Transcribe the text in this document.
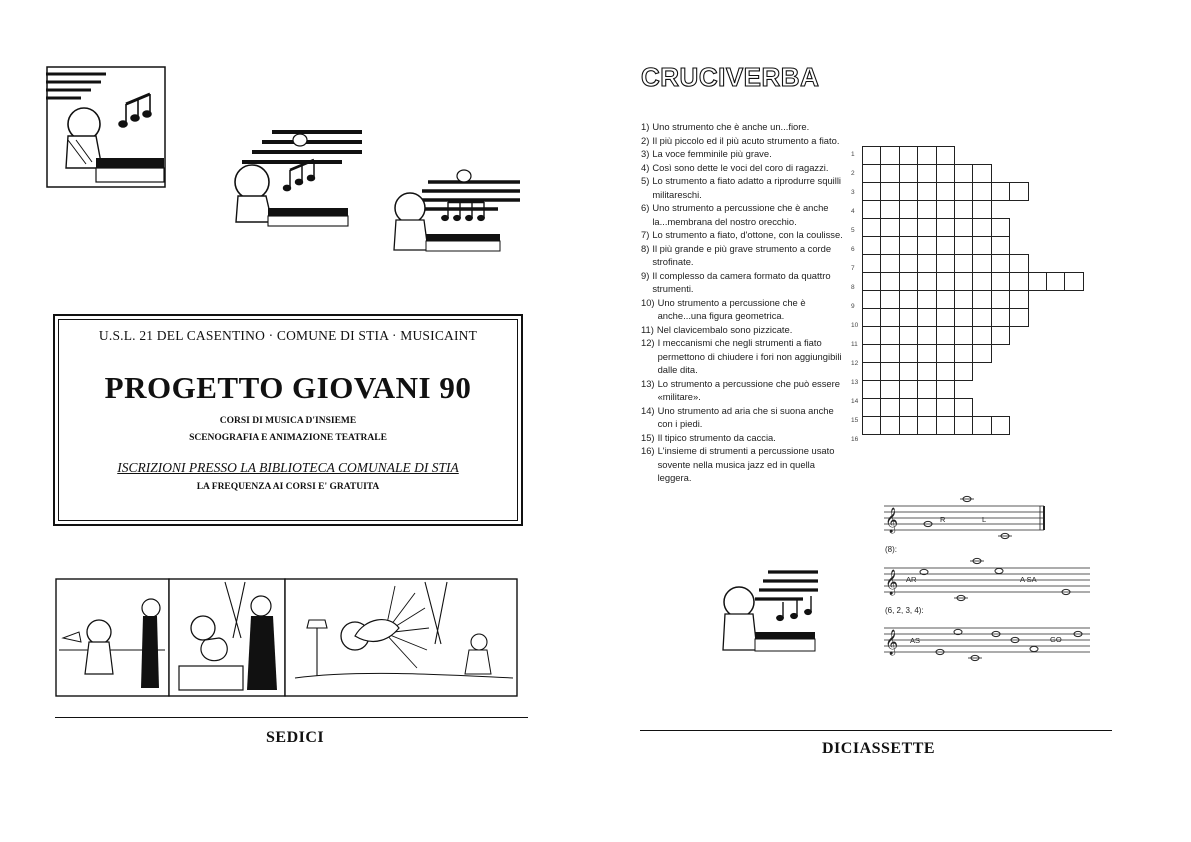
U.S.L. 21 DEL CASENTINO · COMUNE DI STIA · MUSICAINT
PROGETTO GIOVANI 90
CORSI DI MUSICA D'INSIEME
SCENOGRAFIA E ANIMAZIONE TEATRALE
ISCRIZIONI PRESSO LA BIBLIOTECA COMUNALE DI STIA
LA FREQUENZA AI CORSI E' GRATUITA
SEDICI
CRUCIVERBA
1) Uno strumento che è anche un...fiore.
2) Il più piccolo ed il più acuto strumento a fiato.
3) La voce femminile più grave.
4) Così sono dette le voci del coro di ragazzi.
5) Lo strumento a fiato adatto a riprodurre squilli militareschi.
6) Uno strumento a percussione che è anche la...membrana del nostro orecchio.
7) Lo strumento a fiato, d'ottone, con la coulisse.
8) Il più grande e più grave strumento a corde strofinate.
9) Il complesso da camera formato da quattro strumenti.
10) Uno strumento a percussione che è anche...una figura geometrica.
11) Nel clavicembalo sono pizzicate.
12) I meccanismi che negli strumenti a fiato permettono di chiudere i fori non aggiungibili dalle dita.
13) Lo strumento a percussione che può essere «militare».
14) Uno strumento ad aria che si suona anche con i piedi.
15) Il tipico strumento da caccia.
16) L'insieme di strumenti a percussione usato sovente nella musica jazz ed in quella leggera.
1
2
3
4
5
6
7
8
9
10
11
12
13
14
15
16
𝄞	R	L
(8):
𝄞 AR	A SA
(6, 2, 3, 4):
𝄞 AS	GO
DICIASSETTE
